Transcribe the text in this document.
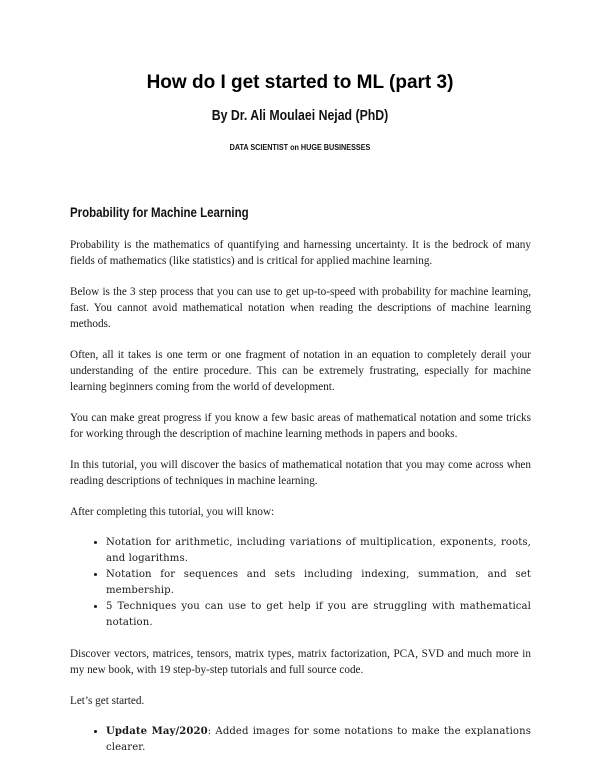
How do I get started to ML (part 3)
By Dr. Ali Moulaei Nejad (PhD)
DATA SCIENTIST on HUGE BUSINESSES
Probability for Machine Learning

Probability is the mathematics of quantifying and harnessing uncertainty. It is the bedrock of many fields of mathematics (like statistics) and is critical for applied machine learning.

Below is the 3 step process that you can use to get up-to-speed with probability for machine learning, fast. You cannot avoid mathematical notation when reading the descriptions of machine learning methods.

Often, all it takes is one term or one fragment of notation in an equation to completely derail your understanding of the entire procedure. This can be extremely frustrating, especially for machine learning beginners coming from the world of development.

You can make great progress if you know a few basic areas of mathematical notation and some tricks for working through the description of machine learning methods in papers and books.

In this tutorial, you will discover the basics of mathematical notation that you may come across when reading descriptions of techniques in machine learning.

After completing this tutorial, you will know:

• Notation for arithmetic, including variations of multiplication, exponents, roots, and logarithms.
• Notation for sequences and sets including indexing, summation, and set membership.
• 5 Techniques you can use to get help if you are struggling with mathematical notation.

Discover vectors, matrices, tensors, matrix types, matrix factorization, PCA, SVD and much more in my new book, with 19 step-by-step tutorials and full source code.

Let’s get started.

• Update May/2020: Added images for some notations to make the explanations clearer.
